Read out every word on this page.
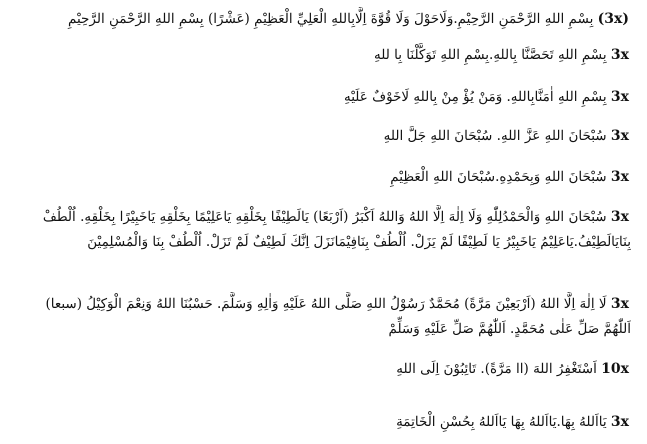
(3x) بِسْمِ اللهِ الرَّحْمَنِ الرَّحِيْمِ.وَلَاحَوْلَ وَلَا قُوَّةَ اِلَّابِاللهِ الْعَلِيِّ الْعَظِيْمِ (عَشْرًا) بِسْمِ اللهِ الرَّحْمَنِ الرَّحِيْمِ
3x بِسْمِ اللهِ تَحَصَّنَّا بِاللهِ.بِسْمِ اللهِ تَوَكَّلْنَا بِا للهِ
3x بِسْمِ اللهِ اٰمَنَّابِاللهِ. وَمَنْ يُؤْ مِنْ بِاللهِ لَاخَوْفٌ عَلَيْهِ
3x سُبْحَانَ اللهِ عَزَّ اللهِ. سُبْحَانَ اللهِ جَلَّ اللهِ
3x سُبْحَانَ اللهِ وَبِحَمْدِهِ.سُبْحَانَ اللهِ الْعَظِيْمِ
3x سُبْحَانَ اللهِ وَالْحَمْدُلِلّٰهِ وَلَا اِلٰهَ اِلَّا اللهُ وَاللهُ اَكْبَرُ (اَرْبَعًا) يَالَطِيْفًا بِخَلْقِهِ يَاعَلِيْمًا بِخَلْقِهِ يَاخَبِيْرًا بِخَلْقِهِ. اُلْطُفْ بِنَايَالَطِيْفُ.يَاعَلِيْمُ يَاخَبِيْرُ يَا لَطِيْفًا لَمْ يَزَلْ. اُلْطُفْ بِنَافِيْمَانَزَلَ اِنَّكَ لَطِيْفٌ لَمْ تَزَلْ. اُلْطُفْ بِنَا وَالْمُسْلِمِيْنَ
3x لَا اِلٰهَ اِلَّا اللهُ (اَرْبَعِيْنَ مَرَّةً) مُحَمَّدٌ رَسُوْلُ اللهِ صَلَّى اللهُ عَلَيْهِ وَاٰلِهِ وَسَلَّمَ. حَسْبُنَا اللهُ وَنِعْمَ الْوَكِيْلُ (سبعا) اَللّٰهُمَّ صَلِّ عَلٰى مُحَمَّدٍ. اَللّٰهُمَّ صَلِّ عَلَيْهِ وَسَلِّمْ
10x اَسْتَغْفِرُ اللهَ (اا مَرَّةً). تَائِبُوْنَ اِلَى اللهِ
3x يَااَللهُ بِهَا.يَااَللهُ بِهَا يَااَللهُ بِحُسْنِ الْخَاتِمَةِ
